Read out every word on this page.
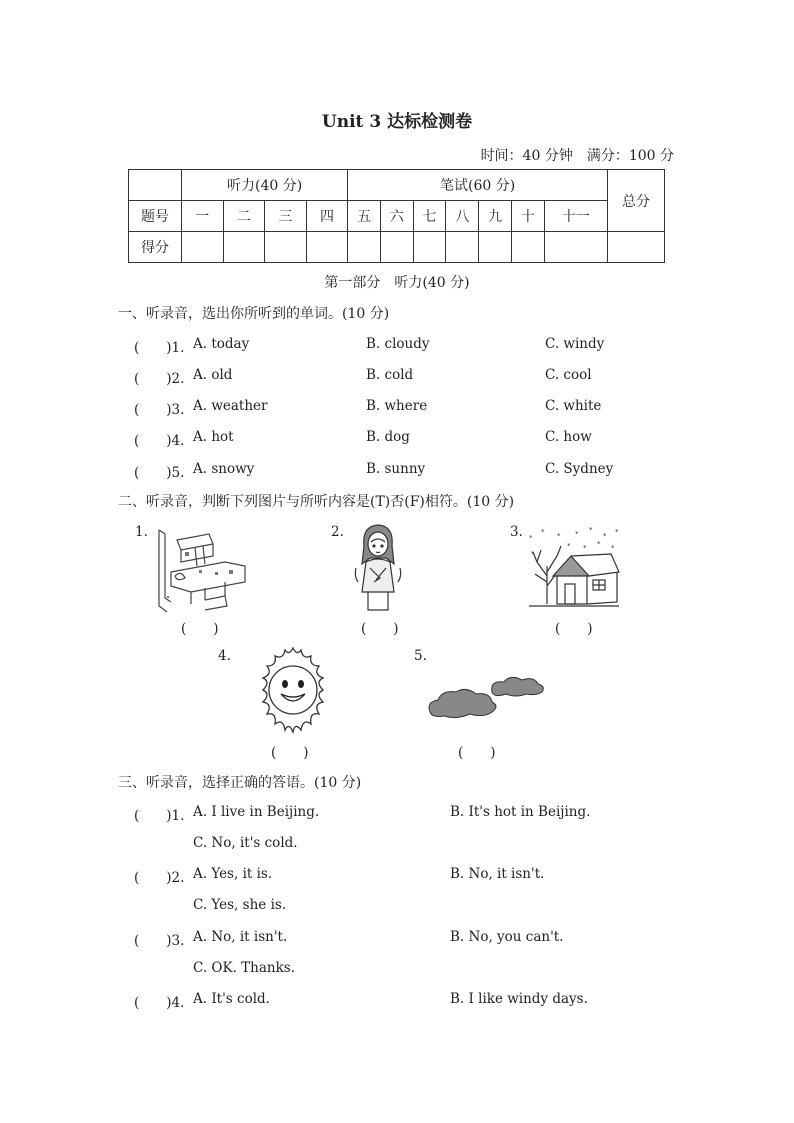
Unit 3 达标检测卷
时间：40 分钟　满分：100 分
	听力(40 分)				笔试(60 分)							总分
题号	一	二	三	四	五	六	七	八	九	十	十一	
得分												
第一部分　听力(40 分)
一、听录音，选出你所听到的单词。(10 分)
(　　)1. A. today	B. cloudy	C. windy
(　　)2. A. old	B. cold	C. cool
(　　)3. A. weather	B. where	C. white
(　　)4. A. hot	B. dog	C. how
(　　)5. A. snowy	B. sunny	C. Sydney
二、听录音，判断下列图片与所听内容是(T)否(F)相符。(10 分)
1.
(　　)
2.
(　　)
3. *
* * * *
* *
*	* *
*
*
(　　)
4.
(　　)
5.
(　　)
三、听录音，选择正确的答语。(10 分)
(　　)1. A. I live in Beijing.	B. It's hot in Beijing.
C. No, it's cold.
(　　)2. A. Yes, it is.	B. No, it isn't.
C. Yes, she is.
(　　)3. A. No, it isn't.	B. No, you can't.
C. OK. Thanks.
(　　)4. A. It's cold.	B. I like windy days.
